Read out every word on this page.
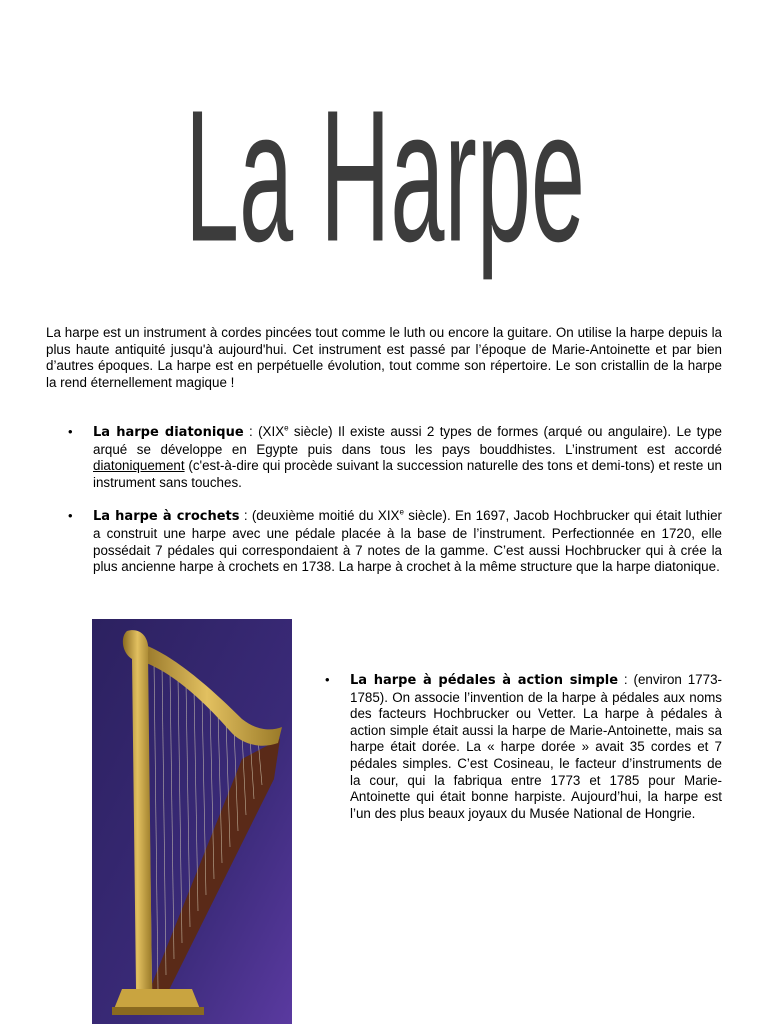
La Harpe

La harpe est un instrument à cordes pincées tout comme le luth ou encore la guitare. On utilise la harpe depuis la plus haute antiquité jusqu'à aujourd'hui. Cet instrument est passé par l’époque de Marie-Antoinette et par bien d’autres époques. La harpe est en perpétuelle évolution, tout comme son répertoire. Le son cristallin de la harpe la rend éternellement magique !

• La harpe diatonique : (XIXe siècle) Il existe aussi 2 types de formes (arqué ou angulaire). Le type arqué se développe en Egypte puis dans tous les pays bouddhistes. L’instrument est accordé diatoniquement (c'est-à-dire qui procède suivant la succession naturelle des tons et demi-tons) et reste un instrument sans touches.
• La harpe à crochets : (deuxième moitié du XIXe siècle). En 1697, Jacob Hochbrucker qui était luthier a construit une harpe avec une pédale placée à la base de l’instrument. Perfectionnée en 1720, elle possédait 7 pédales qui correspondaient à 7 notes de la gamme. C’est aussi Hochbrucker qui à crée la plus ancienne harpe à crochets en 1738. La harpe à crochet à la même structure que la harpe diatonique.
• La harpe à pédales à action simple : (environ 1773-1785). On associe l’invention de la harpe à pédales aux noms des facteurs Hochbrucker ou Vetter. La harpe à pédales à action simple était aussi la harpe de Marie-Antoinette, mais sa harpe était dorée. La « harpe dorée » avait 35 cordes et 7 pédales simples. C’est Cosineau, le facteur d’instruments de la cour, qui la fabriqua entre 1773 et 1785 pour Marie-Antoinette qui était bonne harpiste. Aujourd’hui, la harpe est l’un des plus beaux joyaux du Musée National de Hongrie.
